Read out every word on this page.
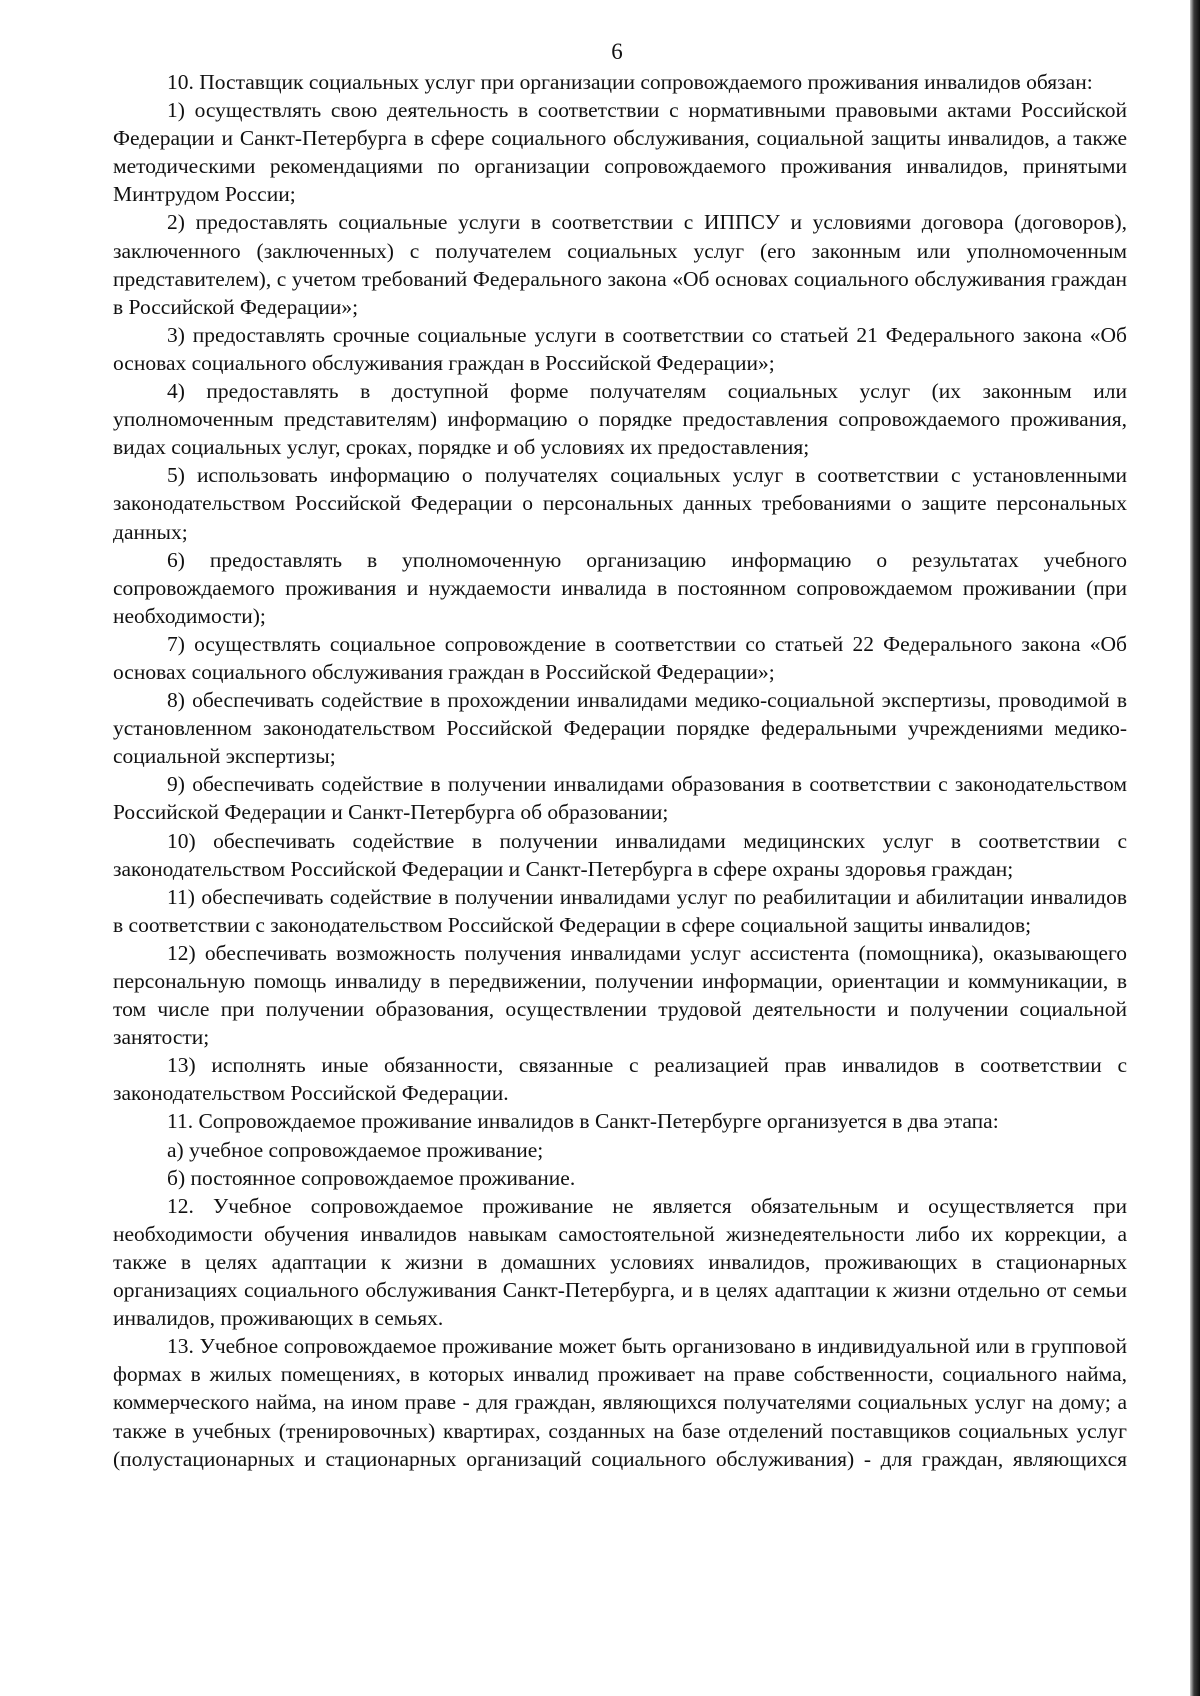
6

10. Поставщик социальных услуг при организации сопровождаемого проживания инвалидов обязан:

1) осуществлять свою деятельность в соответствии с нормативными правовыми актами Российской Федерации и Санкт-Петербурга в сфере социального обслуживания, социальной защиты инвалидов, а также методическими рекомендациями по организации сопровождаемого проживания инвалидов, принятыми Минтрудом России;

2) предоставлять социальные услуги в соответствии с ИППСУ и условиями договора (договоров), заключенного (заключенных) с получателем социальных услуг (его законным или уполномоченным представителем), с учетом требований Федерального закона «Об основах социального обслуживания граждан в Российской Федерации»;

3) предоставлять срочные социальные услуги в соответствии со статьей 21 Федерального закона «Об основах социального обслуживания граждан в Российской Федерации»;

4) предоставлять в доступной форме получателям социальных услуг (их законным или уполномоченным представителям) информацию о порядке предоставления сопровождаемого проживания, видах социальных услуг, сроках, порядке и об условиях их предоставления;

5) использовать информацию о получателях социальных услуг в соответствии с установленными законодательством Российской Федерации о персональных данных требованиями о защите персональных данных;

6) предоставлять в уполномоченную организацию информацию о результатах учебного сопровождаемого проживания и нуждаемости инвалида в постоянном сопровождаемом проживании (при необходимости);

7) осуществлять социальное сопровождение в соответствии со статьей 22 Федерального закона «Об основах социального обслуживания граждан в Российской Федерации»;

8) обеспечивать содействие в прохождении инвалидами медико-социальной экспертизы, проводимой в установленном законодательством Российской Федерации порядке федеральными учреждениями медико-социальной экспертизы;

9) обеспечивать содействие в получении инвалидами образования в соответствии с законодательством Российской Федерации и Санкт-Петербурга об образовании;

10) обеспечивать содействие в получении инвалидами медицинских услуг в соответствии с законодательством Российской Федерации и Санкт-Петербурга в сфере охраны здоровья граждан;

11) обеспечивать содействие в получении инвалидами услуг по реабилитации и абилитации инвалидов в соответствии с законодательством Российской Федерации в сфере социальной защиты инвалидов;

12) обеспечивать возможность получения инвалидами услуг ассистента (помощника), оказывающего персональную помощь инвалиду в передвижении, получении информации, ориентации и коммуникации, в том числе при получении образования, осуществлении трудовой деятельности и получении социальной занятости;

13) исполнять иные обязанности, связанные с реализацией прав инвалидов в соответствии с законодательством Российской Федерации.

11. Сопровождаемое проживание инвалидов в Санкт-Петербурге организуется в два этапа:

а) учебное сопровождаемое проживание;

б) постоянное сопровождаемое проживание.

12. Учебное сопровождаемое проживание не является обязательным и осуществляется при необходимости обучения инвалидов навыкам самостоятельной жизнедеятельности либо их коррекции, а также в целях адаптации к жизни в домашних условиях инвалидов, проживающих в стационарных организациях социального обслуживания Санкт-Петербурга, и в целях адаптации к жизни отдельно от семьи инвалидов, проживающих в семьях.

13. Учебное сопровождаемое проживание может быть организовано в индивидуальной или в групповой формах в жилых помещениях, в которых инвалид проживает на праве собственности, социального найма, коммерческого найма, на ином праве - для граждан, являющихся получателями социальных услуг на дому; а также в учебных (тренировочных) квартирах, созданных на базе отделений поставщиков социальных услуг (полустационарных и стационарных организаций социального обслуживания) - для граждан, являющихся
